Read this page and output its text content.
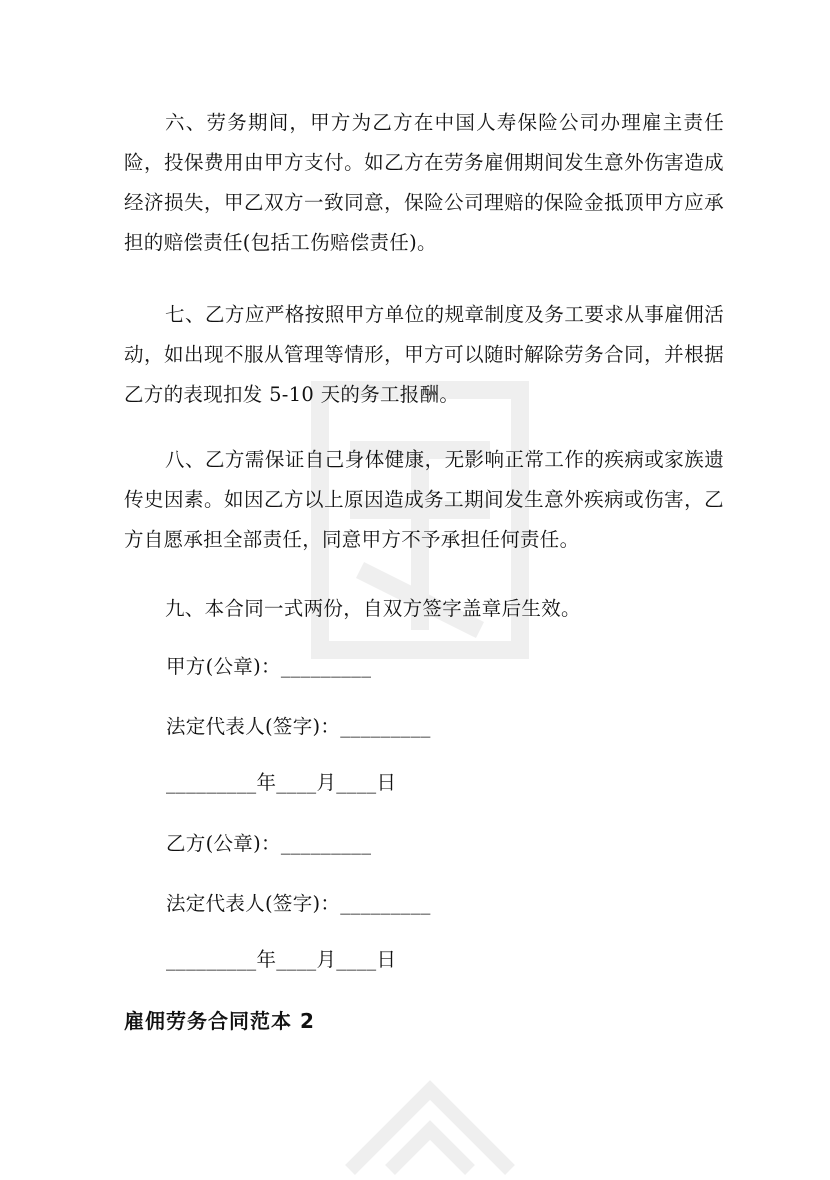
六、劳务期间，甲方为乙方在中国人寿保险公司办理雇主责任险，投保费用由甲方支付。如乙方在劳务雇佣期间发生意外伤害造成经济损失，甲乙双方一致同意，保险公司理赔的保险金抵顶甲方应承担的赔偿责任(包括工伤赔偿责任)。

七、乙方应严格按照甲方单位的规章制度及务工要求从事雇佣活动，如出现不服从管理等情形，甲方可以随时解除劳务合同，并根据乙方的表现扣发 5-10 天的务工报酬。

八、乙方需保证自己身体健康，无影响正常工作的疾病或家族遗传史因素。如因乙方以上原因造成务工期间发生意外疾病或伤害，乙方自愿承担全部责任，同意甲方不予承担任何责任。

九、本合同一式两份，自双方签字盖章后生效。

甲方(公章)：_________

法定代表人(签字)：_________

_________年____月____日

乙方(公章)：_________

法定代表人(签字)：_________

_________年____月____日

雇佣劳务合同范本 2
